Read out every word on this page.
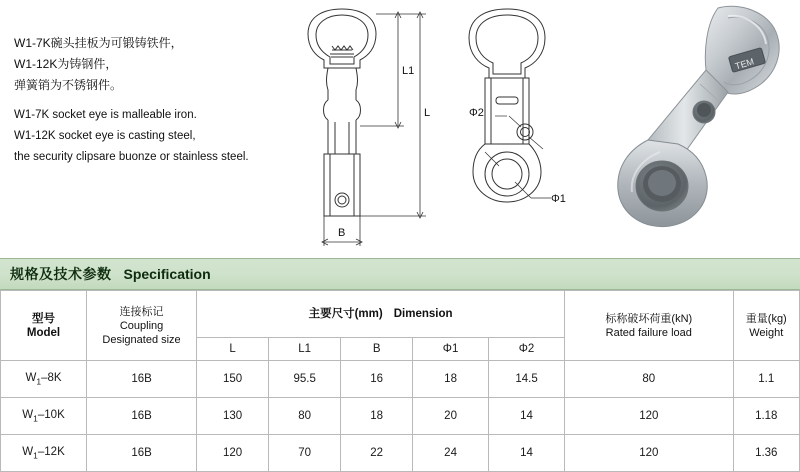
W1-7K碗头挂板为可锻铸铁件，
W1-12K为铸钢件，
弹簧销为不锈钢件。
W1-7K socket eye is malleable iron.
W1-12K socket eye is casting steel,
the security clipsare buonze or stainless steel.
L1
L
B
Φ2
Φ1
TEM
规格及技术参数 Specification
型号
Model

连接标记
Coupling
Designated size
	主要尺寸(mm) Dimension	标称破坏荷重(kN)
Rated failure load

重量(kg)
Weight

		L	L1	B	Φ1	Φ2		
$W_1-8K$	16B	150	95.5	16	18	14.5	80	1.1
$W_1-10K$	16B	130	80	18	20	14	120	1.18
$W_1-12K$	16B	120	70	22	24	14	120	1.36
